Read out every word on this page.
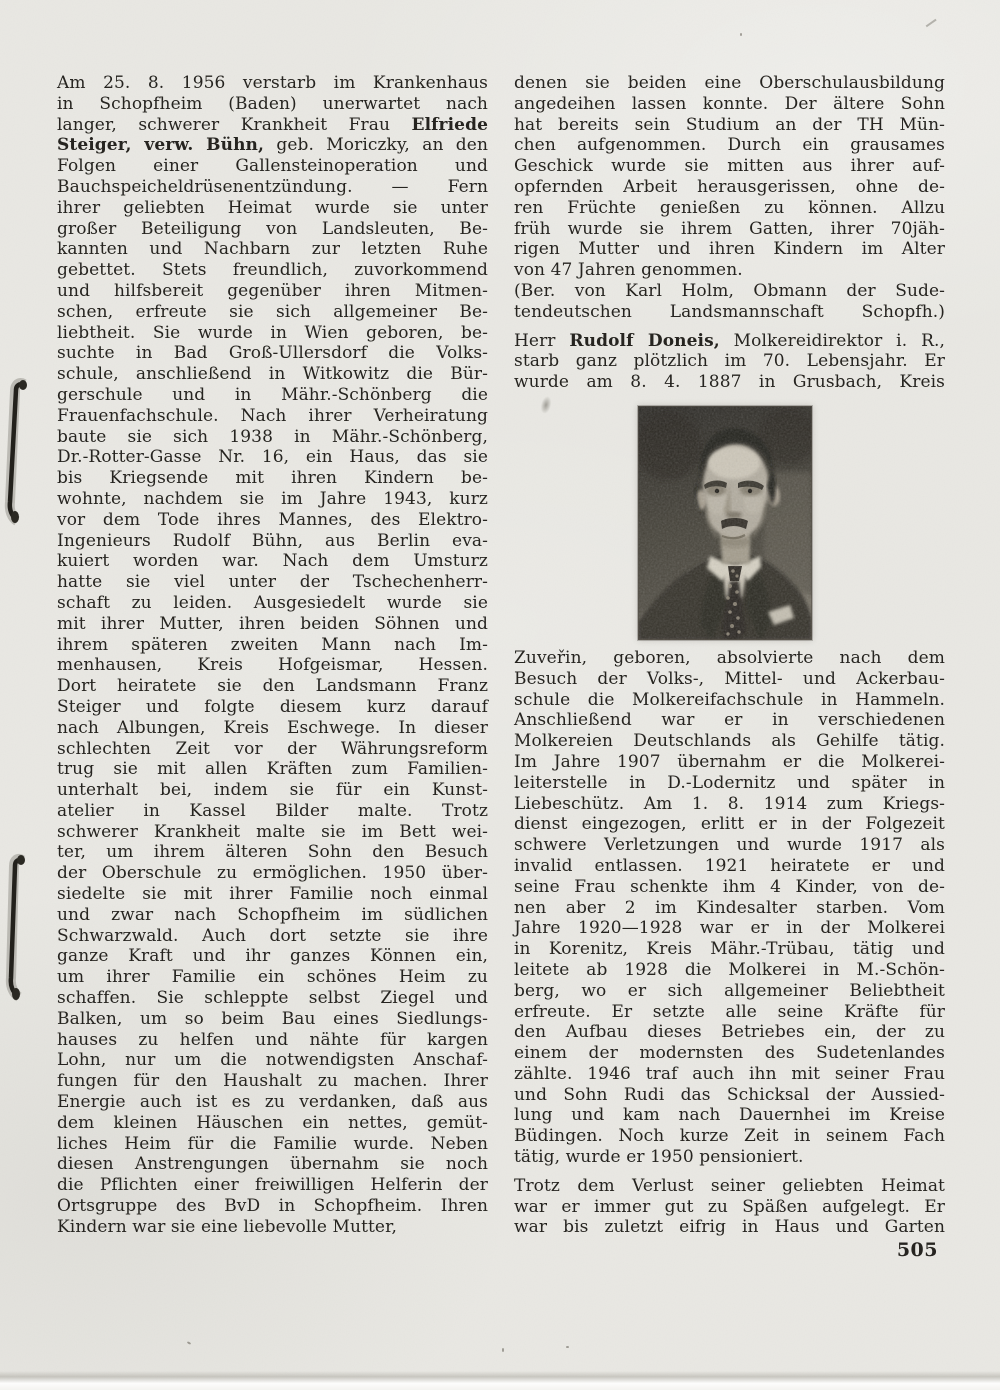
Am 25. 8. 1956 verstarb im Krankenhaus
in Schopfheim (Baden) unerwartet nach
langer, schwerer Krankheit Frau Elfriede
Steiger, verw. Bühn, geb. Moriczky, an den
Folgen einer Gallensteinoperation und
Bauchspeicheldrüsenentzündung. — Fern
ihrer geliebten Heimat wurde sie unter
großer Beteiligung von Landsleuten, Be-
kannten und Nachbarn zur letzten Ruhe
gebettet. Stets freundlich, zuvorkommend
und hilfsbereit gegenüber ihren Mitmen-
schen, erfreute sie sich allgemeiner Be-
liebtheit. Sie wurde in Wien geboren, be-
suchte in Bad Groß-Ullersdorf die Volks-
schule, anschließend in Witkowitz die Bür-
gerschule und in Mähr.-Schönberg die
Frauenfachschule. Nach ihrer Verheiratung
baute sie sich 1938 in Mähr.-Schönberg,
Dr.-Rotter-Gasse Nr. 16, ein Haus, das sie
bis Kriegsende mit ihren Kindern be-
wohnte, nachdem sie im Jahre 1943, kurz
vor dem Tode ihres Mannes, des Elektro-
Ingenieurs Rudolf Bühn, aus Berlin eva-
kuiert worden war. Nach dem Umsturz
hatte sie viel unter der Tschechenherr-
schaft zu leiden. Ausgesiedelt wurde sie
mit ihrer Mutter, ihren beiden Söhnen und
ihrem späteren zweiten Mann nach Im-
menhausen, Kreis Hofgeismar, Hessen.
Dort heiratete sie den Landsmann Franz
Steiger und folgte diesem kurz darauf
nach Albungen, Kreis Eschwege. In dieser
schlechten Zeit vor der Währungsreform
trug sie mit allen Kräften zum Familien-
unterhalt bei, indem sie für ein Kunst-
atelier in Kassel Bilder malte. Trotz
schwerer Krankheit malte sie im Bett wei-
ter, um ihrem älteren Sohn den Besuch
der Oberschule zu ermöglichen. 1950 über-
siedelte sie mit ihrer Familie noch einmal
und zwar nach Schopfheim im südlichen
Schwarzwald. Auch dort setzte sie ihre
ganze Kraft und ihr ganzes Können ein,
um ihrer Familie ein schönes Heim zu
schaffen. Sie schleppte selbst Ziegel und
Balken, um so beim Bau eines Siedlungs-
hauses zu helfen und nähte für kargen
Lohn, nur um die notwendigsten Anschaf-
fungen für den Haushalt zu machen. Ihrer
Energie auch ist es zu verdanken, daß aus
dem kleinen Häuschen ein nettes, gemüt-
liches Heim für die Familie wurde. Neben
diesen Anstrengungen übernahm sie noch
die Pflichten einer freiwilligen Helferin der
Ortsgruppe des BvD in Schopfheim. Ihren
Kindern war sie eine liebevolle Mutter,
denen sie beiden eine Oberschulausbildung
angedeihen lassen konnte. Der ältere Sohn
hat bereits sein Studium an der TH Mün-
chen aufgenommen. Durch ein grausames
Geschick wurde sie mitten aus ihrer auf-
opfernden Arbeit herausgerissen, ohne de-
ren Früchte genießen zu können. Allzu
früh wurde sie ihrem Gatten, ihrer 70jäh-
rigen Mutter und ihren Kindern im Alter
von 47 Jahren genommen.
(Ber. von Karl Holm, Obmann der Sude-
tendeutschen Landsmannschaft Schopfh.)
Herr Rudolf Doneis, Molkereidirektor i. R.,
starb ganz plötzlich im 70. Lebensjahr. Er
wurde am 8. 4. 1887 in Grusbach, Kreis
Zuveřin, geboren, absolvierte nach dem
Besuch der Volks-, Mittel- und Ackerbau-
schule die Molkereifachschule in Hammeln.
Anschließend war er in verschiedenen
Molkereien Deutschlands als Gehilfe tätig.
Im Jahre 1907 übernahm er die Molkerei-
leiterstelle in D.-Lodernitz und später in
Liebeschütz. Am 1. 8. 1914 zum Kriegs-
dienst eingezogen, erlitt er in der Folgezeit
schwere Verletzungen und wurde 1917 als
invalid entlassen. 1921 heiratete er und
seine Frau schenkte ihm 4 Kinder, von de-
nen aber 2 im Kindesalter starben. Vom
Jahre 1920—1928 war er in der Molkerei
in Korenitz, Kreis Mähr.-Trübau, tätig und
leitete ab 1928 die Molkerei in M.-Schön-
berg, wo er sich allgemeiner Beliebtheit
erfreute. Er setzte alle seine Kräfte für
den Aufbau dieses Betriebes ein, der zu
einem der modernsten des Sudetenlandes
zählte. 1946 traf auch ihn mit seiner Frau
und Sohn Rudi das Schicksal der Aussied-
lung und kam nach Dauernhei im Kreise
Büdingen. Noch kurze Zeit in seinem Fach
tätig, wurde er 1950 pensioniert.
Trotz dem Verlust seiner geliebten Heimat
war er immer gut zu Späßen aufgelegt. Er
war bis zuletzt eifrig in Haus und Garten
505
